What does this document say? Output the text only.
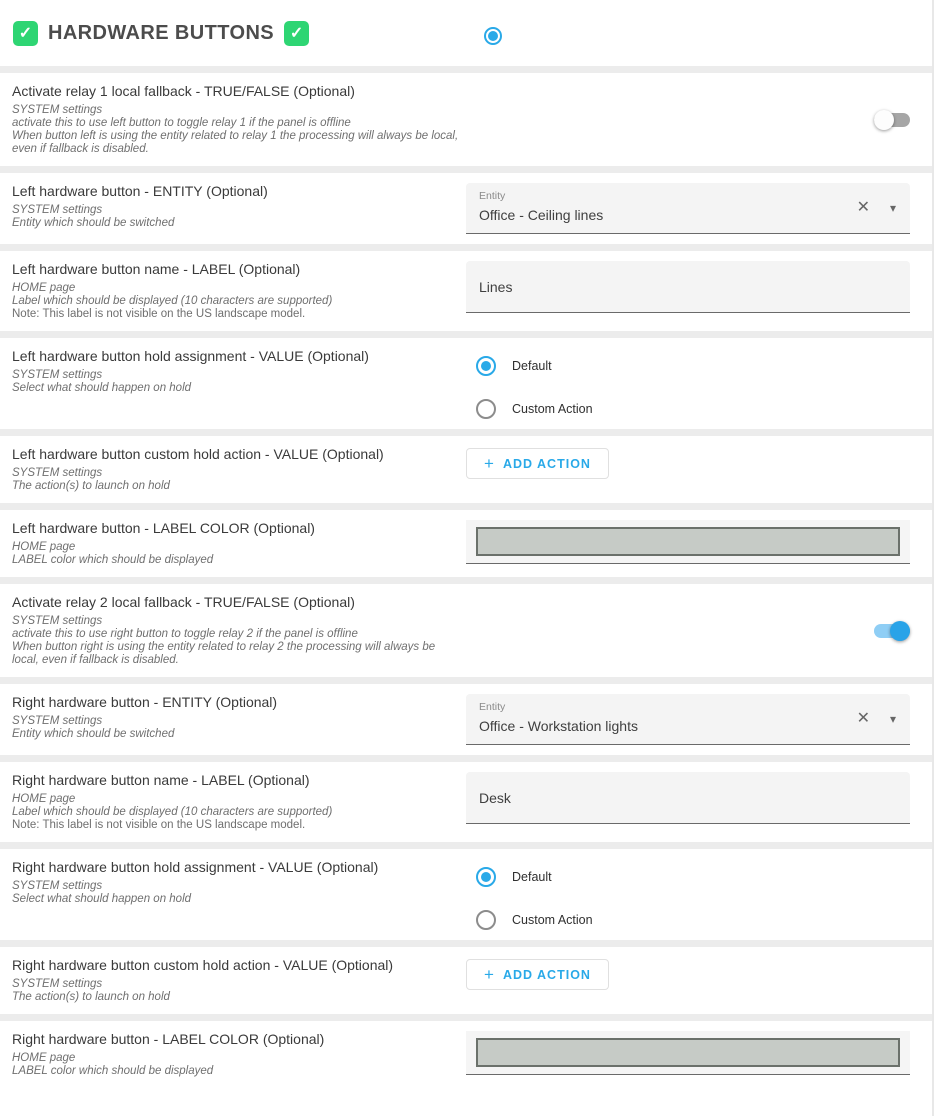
✓ HARDWARE BUTTONS ✓
Activate relay 1 local fallback - TRUE/FALSE (Optional)
SYSTEM settings
activate this to use left button to toggle relay 1 if the panel is offline
When button left is using the entity related to relay 1 the processing will always be local, even if fallback is disabled.
Left hardware button - ENTITY (Optional)
SYSTEM settings
Entity which should be switched
Entity
Office - Ceiling lines	✕ ▾
Left hardware button name - LABEL (Optional)
HOME page
Label which should be displayed (10 characters are supported)
Note: This label is not visible on the US landscape model.
Lines
Left hardware button hold assignment - VALUE (Optional)
SYSTEM settings
Select what should happen on hold
Default
Custom Action
Left hardware button custom hold action - VALUE (Optional)
SYSTEM settings
The action(s) to launch on hold
+ ADD ACTION
Left hardware button - LABEL COLOR (Optional)
HOME page
LABEL color which should be displayed
Activate relay 2 local fallback - TRUE/FALSE (Optional)
SYSTEM settings
activate this to use right button to toggle relay 2 if the panel is offline
When button right is using the entity related to relay 2 the processing will always be local, even if fallback is disabled.
Right hardware button - ENTITY (Optional)
SYSTEM settings
Entity which should be switched
Entity
Office - Workstation lights	✕ ▾
Right hardware button name - LABEL (Optional)
HOME page
Label which should be displayed (10 characters are supported)
Note: This label is not visible on the US landscape model.
Desk
Right hardware button hold assignment - VALUE (Optional)
SYSTEM settings
Select what should happen on hold
Default
Custom Action
Right hardware button custom hold action - VALUE (Optional)
SYSTEM settings
The action(s) to launch on hold
+ ADD ACTION
Right hardware button - LABEL COLOR (Optional)
HOME page
LABEL color which should be displayed
